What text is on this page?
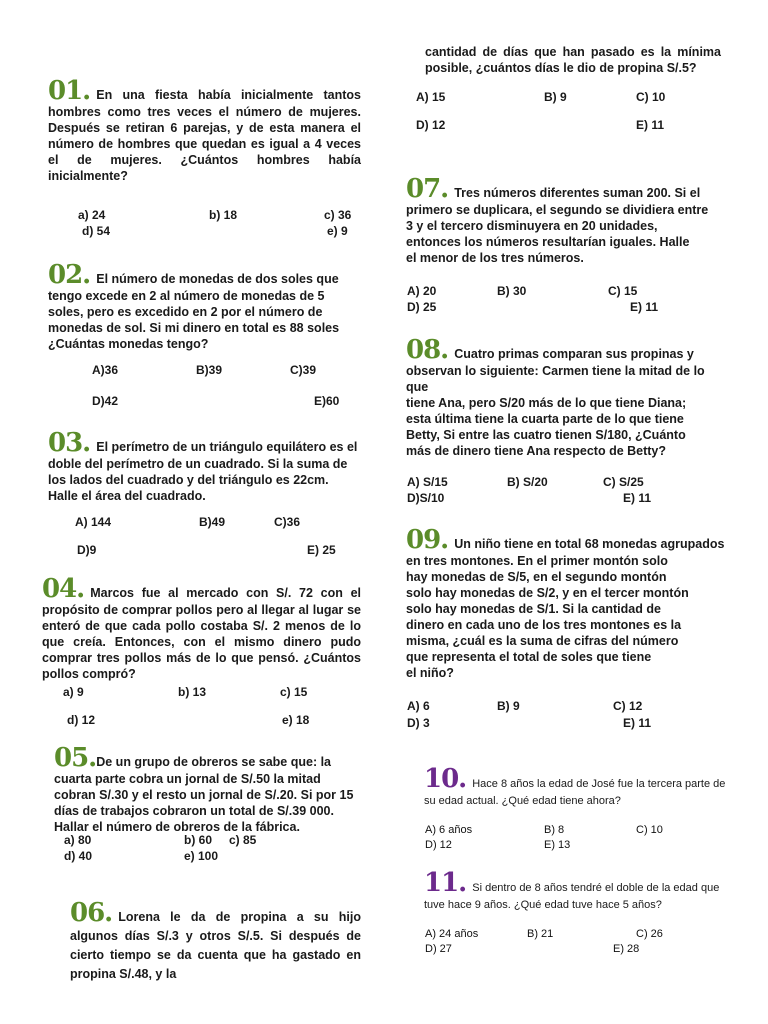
01. En una fiesta había inicialmente tantos hombres como tres veces el número de mujeres. Después se retiran 6 parejas, y de esta manera el número de hombres que quedan es igual a 4 veces el de mujeres. ¿Cuántos hombres había inicialmente?
a) 24	b) 18	c) 36
d) 54	e) 9
02. El número de monedas de dos soles que tengo excede en 2 al número de monedas de 5 soles, pero es excedido en 2 por el número de monedas de sol. Si mi dinero en total es 88 soles ¿Cuántas monedas tengo?
A)36	B)39	C)39
D)42	E)60
03. El perímetro de un triángulo equilátero es el doble del perímetro de un cuadrado. Si la suma de los lados del cuadrado y del triángulo es 22cm. Halle el área del cuadrado.
A) 144	B)49	C)36
D)9	E) 25
04. Marcos fue al mercado con S/. 72 con el propósito de comprar pollos pero al llegar al lugar se enteró de que cada pollo costaba S/. 2 menos de lo que creía. Entonces, con el mismo dinero pudo comprar tres pollos más de lo que pensó. ¿Cuántos pollos compró?
a) 9	b) 13	c) 15
d) 12	e) 18
05.De un grupo de obreros se sabe que: la cuarta parte cobra un jornal de S/.50 la mitad cobran S/.30 y el resto un jornal de S/.20. Si por 15 días de trabajos cobraron un total de S/.39 000. Hallar el número de obreros de la fábrica.
a) 80	b) 60 c) 85
d) 40	e) 100
06. Lorena le da de propina a su hijo algunos días S/.3 y otros S/.5. Si después de cierto tiempo se da cuenta que ha gastado en propina S/.48, y la
cantidad de días que han pasado es la mínima posible, ¿cuántos días le dio de propina S/.5?
A) 15	B) 9	C) 10
D) 12	E) 11
07. Tres números diferentes suman 200. Si el
primero se duplicara, el segundo se dividiera entre
3 y el tercero disminuyera en 20 unidades,
entonces los números resultarían iguales. Halle
el menor de los tres números.
A) 20	B) 30	C) 15
D) 25	E) 11
08. Cuatro primas comparan sus propinas y
observan lo siguiente: Carmen tiene la mitad de lo
que
tiene Ana, pero S/20 más de lo que tiene Diana;
esta última tiene la cuarta parte de lo que tiene
Betty, Si entre las cuatro tienen S/180, ¿Cuánto
más de dinero tiene Ana respecto de Betty?
A) S/15	B) S/20	C) S/25
D)S/10	E) 11
09. Un niño tiene en total 68 monedas agrupados
en tres montones. En el primer montón solo
hay monedas de S/5, en el segundo montón
solo hay monedas de S/2, y en el tercer montón
solo hay monedas de S/1. Si la cantidad de
dinero en cada uno de los tres montones es la
misma, ¿cuál es la suma de cifras del número
que representa el total de soles que tiene
el niño?
A) 6	B) 9	C) 12
D) 3	E) 11
10. Hace 8 años la edad de José fue la tercera parte de
su edad actual. ¿Qué edad tiene ahora?
A) 6 años	B) 8	C) 10
D) 12	E) 13
11. Si dentro de 8 años tendré el doble de la edad que
tuve hace 9 años. ¿Qué edad tuve hace 5 años?
A) 24 años	B) 21	C) 26
D) 27	E) 28
